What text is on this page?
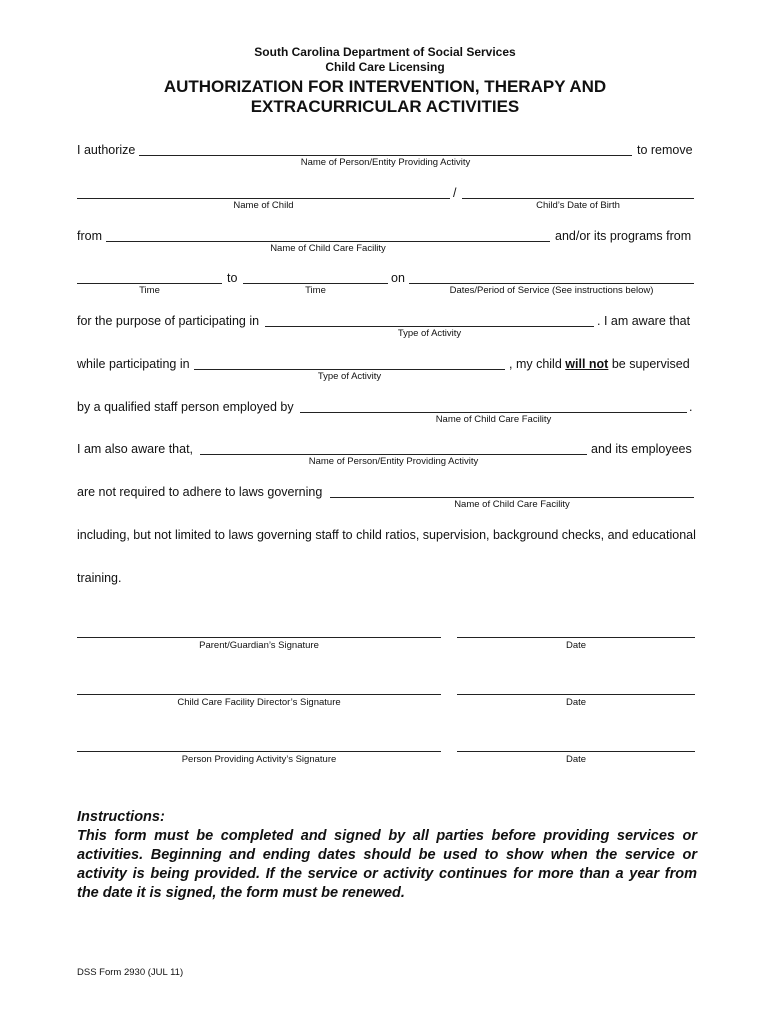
South Carolina Department of Social Services
Child Care Licensing
AUTHORIZATION FOR INTERVENTION, THERAPY AND
EXTRACURRICULAR ACTIVITIES
I authorize	to remove
Name of Person/Entity Providing Activity
/
Name of Child	Child’s Date of Birth
from	and/or its programs from
Name of Child Care Facility
to	on
Time	Time	Dates/Period of Service (See instructions below)
for the purpose of participating in	. I am aware that
Type of Activity
while participating in	, my child will not be supervised
Type of Activity
by a qualified staff person employed by	.
Name of Child Care Facility
I am also aware that,	and its employees
Name of Person/Entity Providing Activity
are not required to adhere to laws governing
Name of Child Care Facility
including, but not limited to laws governing staff to child ratios, supervision, background checks, and educational
training.
Parent/Guardian’s Signature	Date
Child Care Facility Director’s Signature	Date
Person Providing Activity’s Signature	Date
Instructions:
This form must be completed and signed by all parties before providing services or activities. Beginning and ending dates should be used to show when the service or activity is being provided. If the service or activity continues for more than a year from the date it is signed, the form must be renewed.
DSS Form 2930 (JUL 11)
